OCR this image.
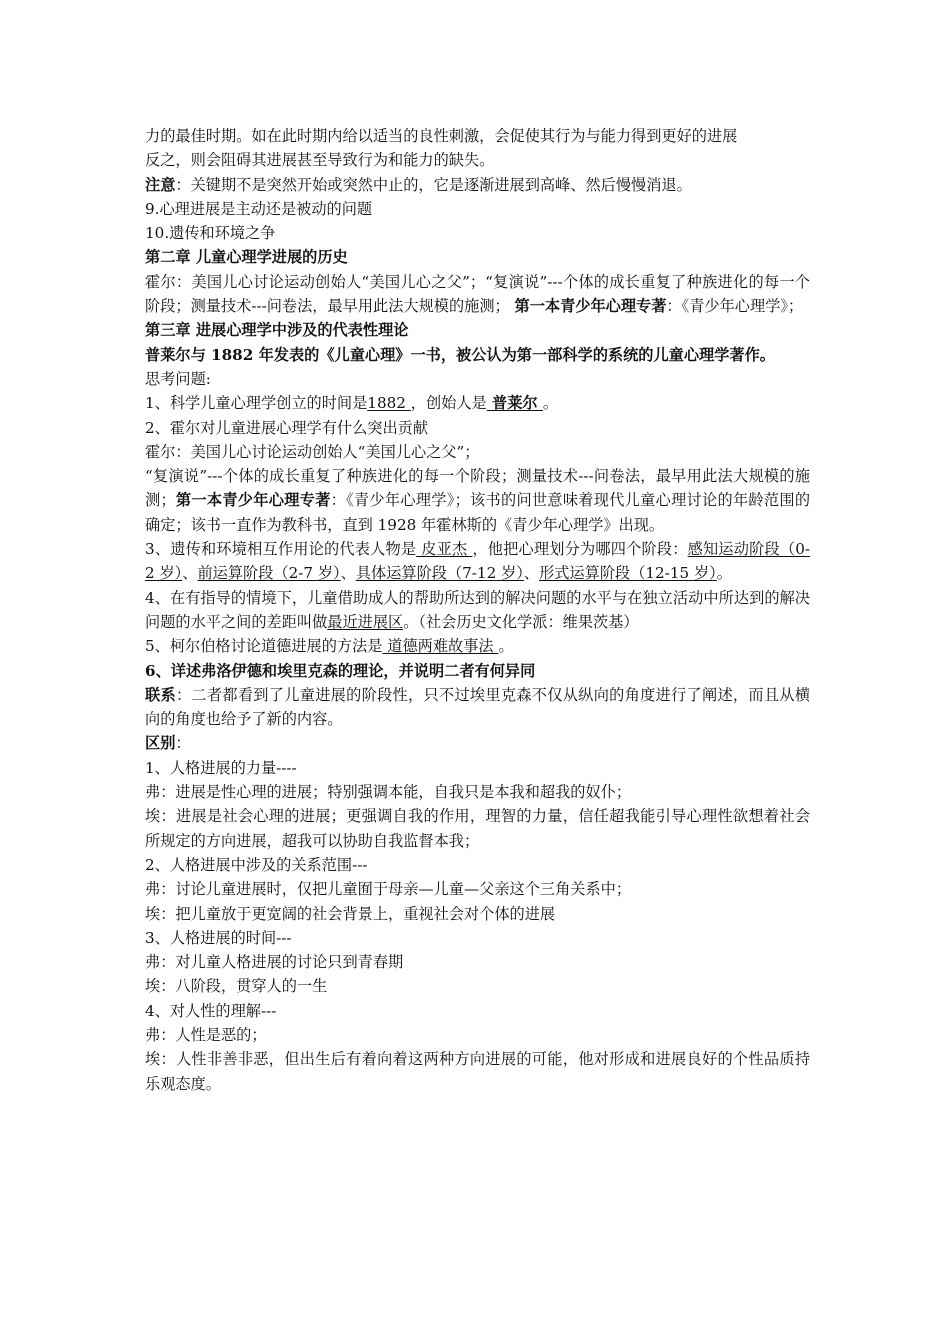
力的最佳时期。如在此时期内给以适当的良性刺激，会促使其行为与能力得到更好的进展

反之，则会阻碍其进展甚至导致行为和能力的缺失。

注意：关键期不是突然开始或突然中止的，它是逐渐进展到高峰、然后慢慢消退。

9.心理进展是主动还是被动的问题

10.遗传和环境之争

第二章 儿童心理学进展的历史

霍尔：美国儿心讨论运动创始人“美国儿心之父”；“复演说”---个体的成长重复了种族进化的每一个阶段；测量技术---问卷法，最早用此法大规模的施测； 第一本青少年心理专著：《青少年心理学》；

第三章 进展心理学中涉及的代表性理论

普莱尔与 1882 年发表的《儿童心理》一书，被公认为第一部科学的系统的儿童心理学著作。

思考问题:

1、科学儿童心理学创立的时间是1882 ，创始人是 普莱尔 。

2、霍尔对儿童进展心理学有什么突出贡献

霍尔：美国儿心讨论运动创始人“美国儿心之父”；

“复演说”---个体的成长重复了种族进化的每一个阶段；测量技术---问卷法，最早用此法大规模的施测；第一本青少年心理专著：《青少年心理学》；该书的问世意味着现代儿童心理讨论的年龄范围的确定；该书一直作为教科书，直到 1928 年霍林斯的《青少年心理学》出现。

3、遗传和环境相互作用论的代表人物是 皮亚杰 ，他把心理划分为哪四个阶段：感知运动阶段（0-2 岁）、前运算阶段（2-7 岁）、具体运算阶段（7-12 岁）、形式运算阶段（12-15 岁）。

4、在有指导的情境下，儿童借助成人的帮助所达到的解决问题的水平与在独立活动中所达到的解决问题的水平之间的差距叫做最近进展区。（社会历史文化学派：维果茨基）

5、柯尔伯格讨论道德进展的方法是 道德两难故事法 。

6、详述弗洛伊德和埃里克森的理论，并说明二者有何异同

联系：二者都看到了儿童进展的阶段性，只不过埃里克森不仅从纵向的角度进行了阐述，而且从横向的角度也给予了新的内容。

区别：

1、人格进展的力量----

弗：进展是性心理的进展；特别强调本能，自我只是本我和超我的奴仆；

埃：进展是社会心理的进展；更强调自我的作用，理智的力量，信任超我能引导心理性欲想着社会所规定的方向进展，超我可以协助自我监督本我；

2、人格进展中涉及的关系范围---

弗：讨论儿童进展时，仅把儿童囿于母亲—儿童—父亲这个三角关系中；

埃：把儿童放于更宽阔的社会背景上，重视社会对个体的进展

3、人格进展的时间---

弗：对儿童人格进展的讨论只到青春期

埃：八阶段，贯穿人的一生

4、对人性的理解---

弗：人性是恶的；

埃：人性非善非恶，但出生后有着向着这两种方向进展的可能，他对形成和进展良好的个性品质持乐观态度。
